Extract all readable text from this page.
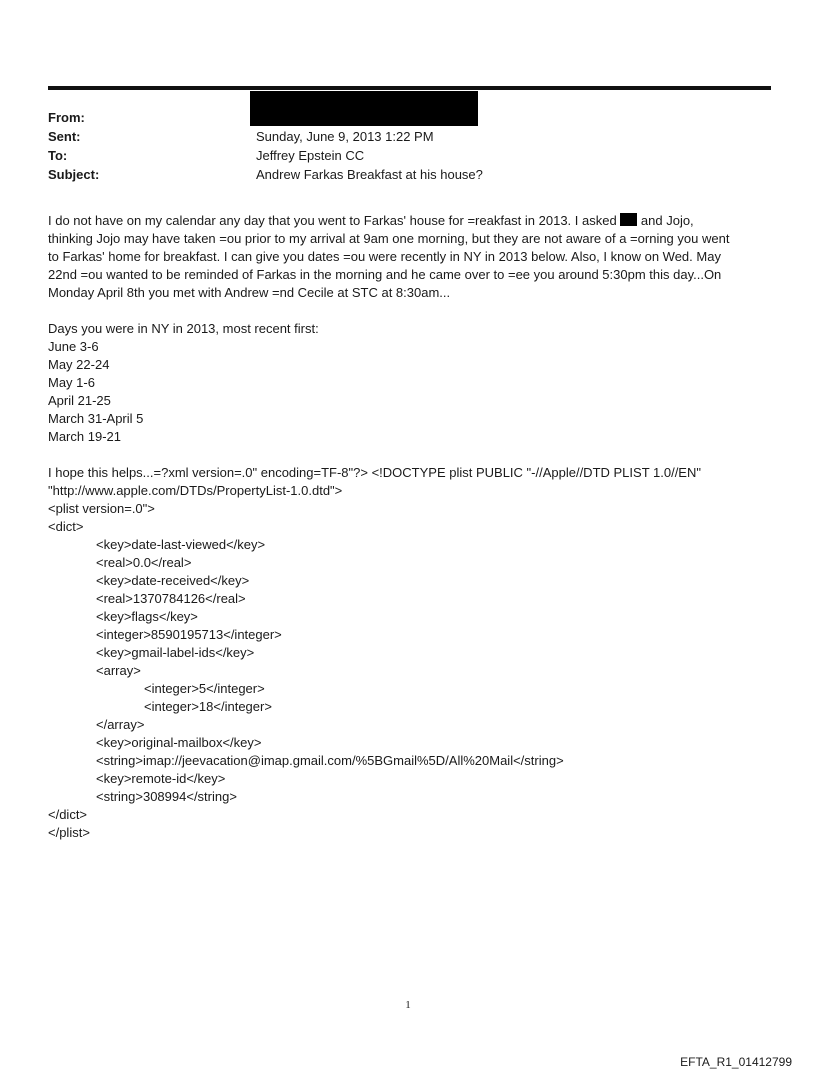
From:
Sent:	Sunday, June 9, 2013 1:22 PM
To:	Jeffrey Epstein CC
Subject:	Andrew Farkas Breakfast at his house?
I do not have on my calendar any day that you went to Farkas' house for =reakfast in 2013. I asked  and Jojo,
thinking Jojo may have taken =ou prior to my arrival at 9am one morning, but they are not aware of a =orning you went
to Farkas' home for breakfast. I can give you dates =ou were recently in NY in 2013 below. Also, I know on Wed. May
22nd =ou wanted to be reminded of Farkas in the morning and he came over to =ee you around 5:30pm this day...On
Monday April 8th you met with Andrew =nd Cecile at STC at 8:30am...
Days you were in NY in 2013, most recent first:
June 3-6
May 22-24
May 1-6
April 21-25
March 31-April 5
March 19-21
I hope this helps...=?xml version=.0" encoding=TF-8"?> <!DOCTYPE plist PUBLIC "-//Apple//DTD PLIST 1.0//EN"
"http://www.apple.com/DTDs/PropertyList-1.0.dtd">
<plist version=.0">
<dict>
<key>date-last-viewed</key>
<real>0.0</real>
<key>date-received</key>
<real>1370784126</real>
<key>flags</key>
<integer>8590195713</integer>
<key>gmail-label-ids</key>
<array>
<integer>5</integer>
<integer>18</integer>
</array>
<key>original-mailbox</key>
<string>imap://jeevacation@imap.gmail.com/%5BGmail%5D/All%20Mail</string>
<key>remote-id</key>
<string>308994</string>
</dict>
</plist>
1
EFTA_R1_01412799
